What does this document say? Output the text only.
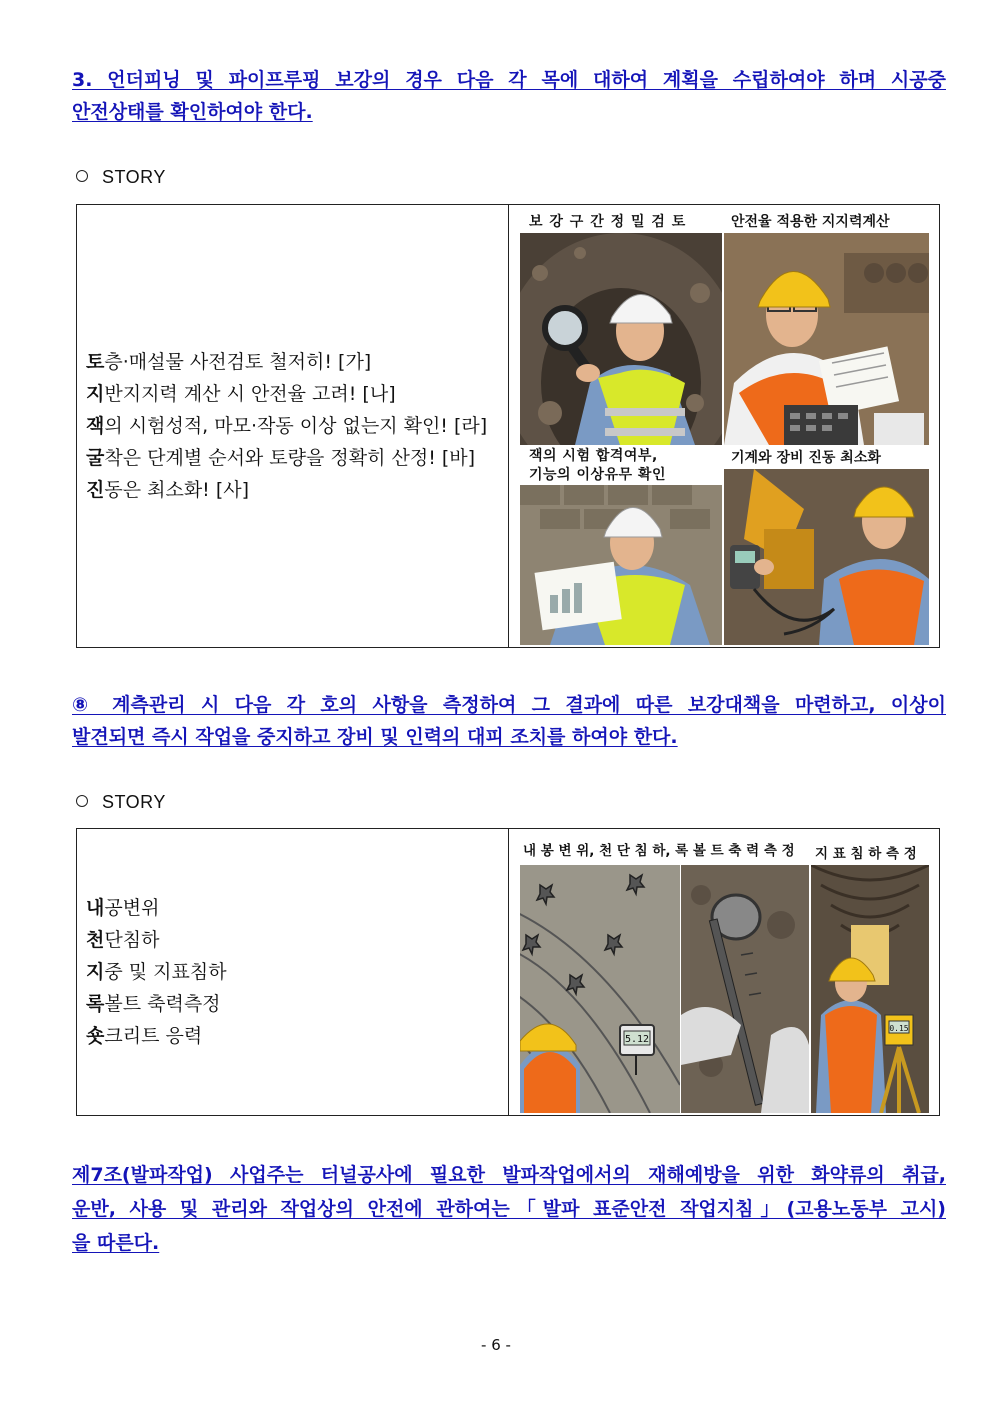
3. 언더피닝 및 파이프루핑 보강의 경우 다음 각 목에 대하여 계획을 수립하여야 하며 시공중
안전상태를 확인하여야 한다.
STORY
토층·매설물 사전검토 철저히! [가]
지반지지력 계산 시 안전율 고려! [나]
잭의 시험성적, 마모·작동 이상 없는지 확인! [라]
굴착은 단계별 순서와 토량을 정확히 산정! [바]
진동은 최소화! [사]
보 강 구 간 정 밀 검 토	안전율 적용한 지지력계산
잭의 시험 합격여부,
기능의 이상유무 확인
기계와 장비 진동 최소화
⑧ 계측관리 시 다음 각 호의 사항을 측정하여 그 결과에 따른 보강대책을 마련하고, 이상이
발견되면 즉시 작업을 중지하고 장비 및 인력의 대피 조치를 하여야 한다.
STORY
내공변위
천단침하
지중 및 지표침하
록볼트 축력측정
숏크리트 응력
내 봉 변 위, 천 단 침 하, 록 볼 트 축 력 측 정 지 표 침 하 측 정
5.12
0.15
제7조(발파작업) 사업주는 터널공사에 필요한 발파작업에서의 재해예방을 위한 화약류의 취급,
운반, 사용 및 관리와 작업상의 안전에 관하여는「발파 표준안전 작업지침」(고용노동부 고시)
을 따른다.
- 6 -
